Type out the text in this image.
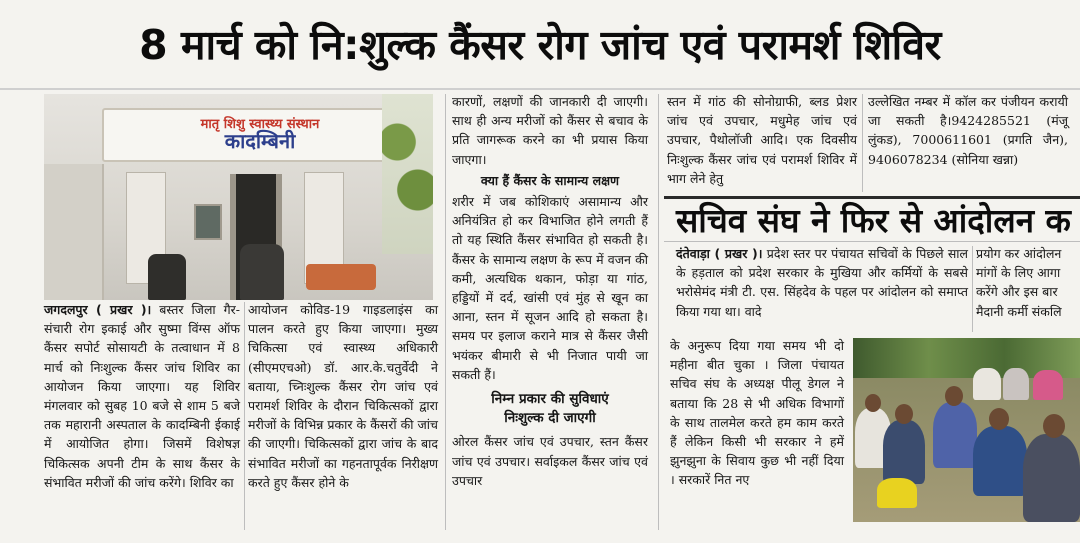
8 मार्च को नि:शुल्क कैंसर रोग जांच एवं परामर्श शिविर
मातृ शिशु स्वास्थ्य संस्थान
कादम्बिनी

जगदलपुर ( प्रखर )। बस्तर जिला गैर-संचारी रोग इकाई और सुष्मा विंग्स ऑफ कैंसर सपोर्ट सोसायटी के तत्वाधान में 8 मार्च को निःशुल्क कैंसर जांच शिविर का आयोजन किया जाएगा। यह शिविर मंगलवार को सुबह 10 बजे से शाम 5 बजे तक महारानी अस्पताल के कादम्बिनी ईकाई में आयोजित होगा। जिसमें विशेषज्ञ चिकित्सक अपनी टीम के साथ कैंसर के संभावित मरीजों की जांच करेंगे। शिविर का

आयोजन कोविड-19 गाइडलाइंस का पालन करते हुए किया जाएगा। मुख्य चिकित्सा एवं स्वास्थ्य अधिकारी (सीएमएचओ) डॉ. आर.के.चतुर्वेदी ने बताया, च्निःशुल्क कैंसर रोग जांच एवं परामर्श शिविर के दौरान चिकित्सकों द्वारा मरीजों के विभिन्न प्रकार के कैंसरों की जांच की जाएगी। चिकित्सकों द्वारा जांच के बाद संभावित मरीजों का गहनतापूर्वक निरीक्षण करते हुए कैंसर होने के

कारणों, लक्षणों की जानकारी दी जाएगी। साथ ही अन्य मरीजों को कैंसर से बचाव के प्रति जागरूक करने का भी प्रयास किया जाएगा।

क्या हैं कैंसर के सामान्य लक्षण

शरीर में जब कोशिकाएं असामान्य और अनियंत्रित हो कर विभाजित होने लगती हैं तो यह स्थिति कैंसर संभावित हो सकती है। कैंसर के सामान्य लक्षण के रूप में वजन की कमी, अत्यधिक थकान, फोड़ा या गांठ, हड्डियों में दर्द, खांसी एवं मुंह से खून का आना, स्तन में सूजन आदि हो सकता है।समय पर इलाज कराने मात्र से कैंसर जैसी भयंकर बीमारी से भी निजात पायी जा सकती हैं।

निम्न प्रकार की सुविधाएं

निःशुल्क दी जाएगी

ओरल कैंसर जांच एवं उपचार, स्तन कैंसर जांच एवं उपचार। सर्वाइकल कैंसर जांच एवं उपचार

स्तन में गांठ की सोनोग्राफी, ब्लड प्रेशर जांच एवं उपचार, मधुमेह जांच एवं उपचार, पैथोलॉजी आदि। एक दिवसीय निःशुल्क कैंसर जांच एवं परामर्श शिविर में भाग लेने हेतु

उल्लेखित नम्बर में कॉल कर पंजीयन करायी जा सकती है।9424285521 (मंजू लुंकड), 7000611601 (प्रगति जैन), 9406078234 (सोनिया खन्ना)

सचिव संघ ने फिर से आंदोलन क

दंतेवाड़ा ( प्रखर )। प्रदेश स्तर पर पंचायत सचिवों के पिछले साल के हड़ताल को प्रदेश सरकार के मुखिया और कर्मियों के सबसे भरोसेमंद मंत्री टी. एस. सिंहदेव के पहल पर आंदोलन को समाप्त किया गया था। वादे

प्रयोग कर आंदोलन
मांगों के लिए आगा
करेंगे और इस बार
मैदानी कर्मी संकलि

के अनुरूप दिया गया समय भी दो महीना बीत चुका । जिला पंचायत सचिव संघ के अध्यक्ष पीलू डेगल ने बताया कि 28 से भी अधिक विभागों के साथ तालमेल करते हम काम करते हैं लेकिन किसी भी सरकार ने हमें झुनझुना के सिवाय कुछ भी नहीं दिया । सरकारें नित नए
